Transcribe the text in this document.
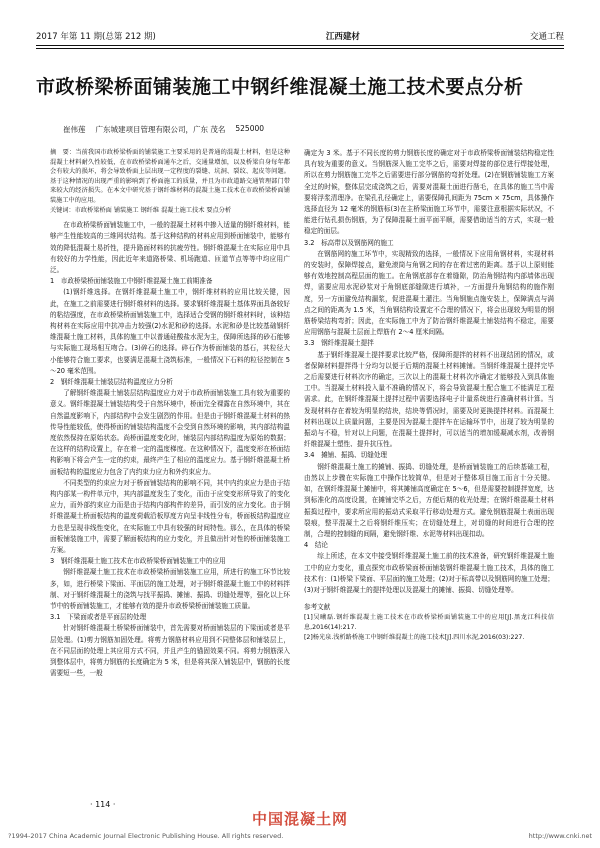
2017 年第 11 期(总第 212 期)	江西建材	交通工程
市政桥梁桥面铺装施工中钢纤维混凝土施工技术要点分析
崔伟莲 广东城建项目管理有限公司，广东 茂名 525000

摘　要：当前我国市政桥梁桥面的铺装施工主要采用的是普通的混凝土材料，但是这种混凝土材料耐久性较低，在市政桥梁桥面通车之后，交通量增加，以及桥梁自身每年都会有较大的损坏，将会导致桥面上层出现一定程度的裂缝、坑洞、裂纹、起皮等问题。基于这种情况的出现严重的影响到了桥面施工的质量，并且为市政道路交通管理部门带来较大的经济损失。在本文中研究基于钢纤维材料的混凝土施工技术在市政桥梁桥面铺装施工中的应用。

关键词：市政桥梁桥面 铺装施工 钢纤维 混凝土施工技术 要点分析

在市政桥梁桥面铺装施工中，一般的混凝土材料中掺入适量的钢纤维材料，能够产生性能较高的三维网状结构。基于这种结构的材料应用到桥面铺装中，能够有效的降低混凝土易折性，提升路面材料的抗疲劳性。钢纤维混凝土在实际应用中具有较好的力学性能，因此近年来道路桥梁、机场跑道、匝道节点等等中均应用广泛。

1　市政桥梁桥面铺装施工中钢纤维混凝土施工前期准备

(1)钢纤维选择。在钢纤维混凝土施工中，钢纤维材料的应用比较关键，因此，在施工之前需要进行钢纤维材料的选择。要求钢纤维混凝土基体界面具备较好的粘结强度，在市政桥梁桥面铺装施工中，选择适合受钢的钢纤维材料时，该种结构材料在实际应用中抗冲击力较强(2)水泥和砂的选择。水泥和砂是比较基础钢纤维混凝土施工材料，具体的施工中以普通硅酸盐水泥为主，保障所选择的砂石能够与实际施工现场相互吻合。(3)碎石的选择。碎石作为桥面铺装的基石，其粒径大小能够符合施工要求，也要满足混凝土浇筑标准，一般情况下石料的粒径控制在 5～20 毫米范围。

2　钢纤维混凝土铺装层结构温度应力分析

了解钢纤维混凝土铺装层结构温度应力对于市政桥面铺装施工具有较为重要的意义。钢纤维混凝土铺装结构受于自然环境中，桥面完全裸露在自然环境中，其在自然温度影响下，内部结构中会发生剧烈的作用。但是由于钢纤维混凝土材料的热传导性能较低，使得桥面的铺装结构温度不会受到自然环境的影响，其内部结构温度依然保持在原始状态。尚桥面温度变化时，铺装层内部结构温度为原始的数据；在这样的结构设置上，存在着一定的温度梯度。在这种情况下，温度变形在桥面结构影响下将会产生一定的约束，最终产生了相应的温度应力。基于钢纤维混凝土桥面板结构的温度应力包含了内约束力应力和外约束应力。

不同类型的约束应力对于桥面铺装结构的影响不同，其中内约束应力是由于结构内部某一构件单元中，其内部温度发生了变化，而由于应变变形所导致了的变化应力，而外部约束应力而是由于结构内部构件的差异，而引发的应力变化。由于钢纤维混凝土桥面板结构的温度荷载沿板厚度方向呈非线性分布，桥面板结构温度应力也是呈现非线性变化，在实际施工中具有较强的时间特性。那么，在具体的桥梁面板铺装施工中，需要了解面板结构的应力变化，并且做出针对性的桥面铺装施工方案。

3　钢纤维混凝土施工技术在市政桥梁桥面铺装施工中的应用

钢纤维混凝土施工技术在市政桥梁桥面铺装施工应用，所进行的施工环节比较多，如，进行桥梁下梁面、平面层的施工处理，对于钢纤维混凝土施工中的材料拌制、对于钢纤维混凝土的浇筑与找平振捣、摊铺、振捣、切缝处理等，强化以上环节中的桥面铺装施工，才能够有效的提升市政桥梁桥面铺装施工质量。

3.1　下梁面或者是平面层的处理

针对钢纤维混凝土桥梁桥面铺装中，首先需要对桥面铺装层的下梁面或者是平层处理。(1)剪力钢筋加固处理。将剪力钢筋材料应用到不同整体层和铺装层上，在不同层面的处理上其应用方式不同，并且产生的锚固效果不同。将剪力钢筋深入到整体层中，将剪力钢筋的长度确定为 5 米，但是将其深入铺装层中，钢筋的长度需要短一些，一般

确定为 3 米。基于不同长度的剪力钢筋长度的确定对于市政桥梁桥面铺装结构稳定性具有较为重要的意义。当钢筋深入施工完毕之后，需要对焊接的部位进行焊接处理，所以在剪力钢筋施工完毕之后需要进行部分钢筋的弯折处理。(2)在钢筋铺装施工方案全过的时候，整体层完成浇筑之后，需要对混凝土面进行凿毛，在具体的施工当中需要将浮浆清理净。在梁孔孔径确定上，需要保障孔间距为 75cm × 75cm，具体操作选择直径为 12 毫米的钢筋标(3)在主桥梁面施工环节中，需要注意根据实际状况，不能进行钻孔损伤钢筋，为了保障混凝土面平面平顺，需要借助适当的方式，实现一般稳定的面层。

3.2　标高带以及钢筋网的施工

在钢筋网的施工环节中，实现精致的选择，一般情况下应用角钢材料，实现材料的安装时，保障焊接点，避免滚筒与角钢之间的存在着过密的距离。基于以上原则能够有效地控制高程层面的施工。在角钢底部存在着缝隙，防治角钢结构内部墙体出现焊，需要应用水泥砂浆对于角钢底部缝隙进行填补，一方面提升角钢结构的施作刚度，另一方面避免结构漏浆，促进混凝土灌注。当角钢施点施安装上，保障满点与满点之间的距离为 1.5 米，当角钢结构设置定不合理的情况下，将会出现较为明显的钢筋桥梁结构弯折；因此，在实际施工中为了防治钢纤维混凝土铺装结构不稳定，需要应用钢筋与混凝土层面上焊筋有 2～4 厘米间隔。

3.3　钢纤维混凝土提拌

基于钢纤维混凝土提拌要求比较严格，保障所提拌的材料不出现结团的情况，或者保障材料提拌得十分均匀以便于后期的混凝土材料摊铺。当钢纤维混凝土提拌完毕之后需要进行材料次序的确定，三次以上的混凝土材料次序确定才能够投入到具体施工中。当混凝土材料投入量不准确的情况下，将会导致混凝土配合施工不能满足工程需求。此，在钢纤维混凝土提拌过程中需要选择电子计量系统进行准确材料计算。当发现材料存在着较为明显的结块，结块等情况时，需要及时更换提拌材料。而混凝土材料出现以上质量问题，主要是因为混凝土提拌车在运输环节中，出现了较为明显的振动与不稳，针对以上问题，在混凝土提拌时，可以适当的增加缓凝减水剂，改善钢纤维混凝土塑性、提升抗压性。

3.4　摊铺、振捣、切缝处理

钢纤维混凝土施工的摊铺、振捣、切缝处理，是桥面铺装施工的后续基础工程，由然以上步骤在实际施工中操作比较简单，但是对于整体项目施工而言十分关键。如，在钢纤维混凝土摊铺中，将其摊铺高度确定在 5～6，但是需要控制提拌宽度，达到标准化的高度设置，在摊铺完毕之后，方便后期的收光处理；在钢纤维混凝土材料振捣过程中，要求所应用的振动式采取平行移动处理方式。避免钢筋混凝土表面出现裂痕，整平混凝土之后将钢纤维压实；在切缝处理上，对切缝的时间进行合理的控制，合理的控制缝的间隔，避免钢纤维、水泥等材料出现扣动。

4　结论

综上所述，在本文中接受钢纤维混凝土施工前的技术准备，研究钢纤维混凝土施工中的应力变化，重点探究市政桥梁面桥面铺装钢纤维混凝土施工技术，具体的施工技术有：(1)桥梁下梁面、平层面的施工处理；(2)对于标高带以及钢筋网的施工处理；(3)对于钢纤维混凝土的提拌处理以及混凝土的摊铺、振捣、切缝处理等。

参考文献

[1]吴曦磊.钢纤维混凝土施工技术在市政桥梁桥面铺装施工中的应用[J].黑龙江科技信息,2016(14):217.

[2]杨光泉.浅析路桥施工中钢纤维混凝土的施工技术[J].四川水泥,2016(03):227.

· 114 ·
中国混凝土网
?1994-2017 China Academic Journal Electronic Publishing House. All rights reserved.	http://www.cnki.net
